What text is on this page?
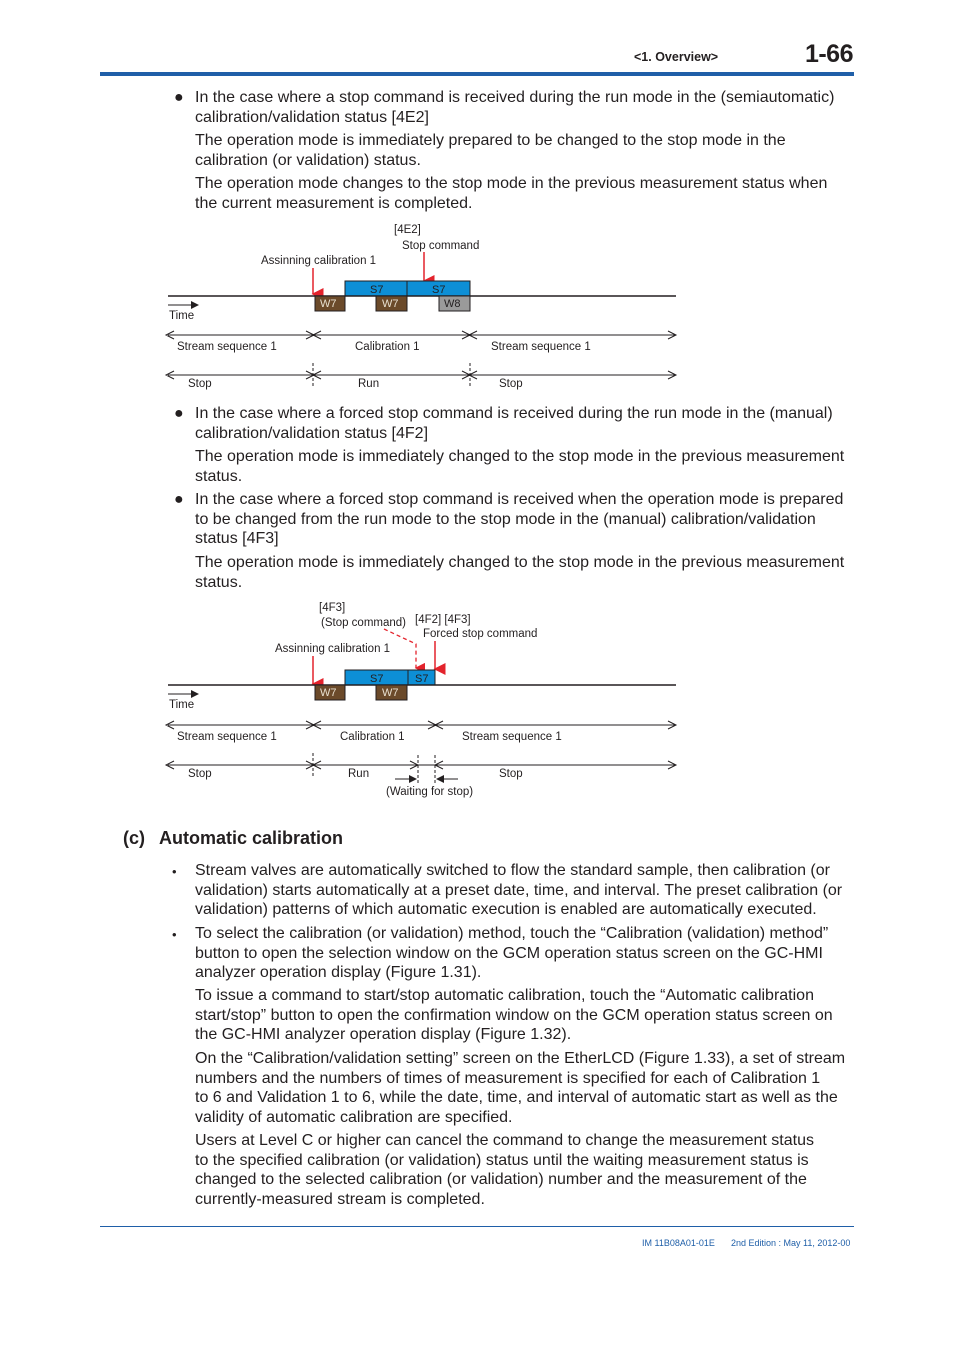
<1. Overview>	1-66
● In the case where a stop command is received during the run mode in the (semiautomatic)
calibration/validation status [4E2]

The operation mode is immediately prepared to be changed to the stop mode in the
calibration (or validation) status.

The operation mode changes to the stop mode in the previous measurement status when
the current measurement is completed.

[4E2]
Stop command
Assinning calibration 1
S7	S7
W7	W7	W8
Time
Stream sequence 1	Calibration 1	Stream sequence 1
Stop	Run	Stop
● In the case where a forced stop command is received during the run mode in the (manual)
calibration/validation status [4F2]

The operation mode is immediately changed to the stop mode in the previous measurement
status.

● In the case where a forced stop command is received when the operation mode is prepared
to be changed from the run mode to the stop mode in the (manual) calibration/validation
status [4F3]

The operation mode is immediately changed to the stop mode in the previous measurement
status.

[4F3]
(Stop command) [4F2] [4F3]
Forced stop command
Assinning calibration 1
S7	S7
W7	W7
Time
Stream sequence 1	Calibration 1	Stream sequence 1
Stop	Run	Stop
(Waiting for stop)
(c) Automatic calibration
• Stream valves are automatically switched to flow the standard sample, then calibration (or
validation) starts automatically at a preset date, time, and interval. The preset calibration (or
validation) patterns of which automatic execution is enabled are automatically executed.

• To select the calibration (or validation) method, touch the “Calibration (validation) method”
button to open the selection window on the GCM operation status screen on the GC-HMI
analyzer operation display (Figure 1.31).

To issue a command to start/stop automatic calibration, touch the “Automatic calibration
start/stop” button to open the confirmation window on the GCM operation status screen on
the GC-HMI analyzer operation display (Figure 1.32).

On the “Calibration/validation setting” screen on the EtherLCD (Figure 1.33), a set of stream
numbers and the numbers of times of measurement is specified for each of Calibration 1
to 6 and Validation 1 to 6, while the date, time, and interval of automatic start as well as the
validity of automatic calibration are specified.

Users at Level C or higher can cancel the command to change the measurement status
to the specified calibration (or validation) status until the waiting measurement status is
changed to the selected calibration (or validation) number and the measurement of the
currently-measured stream is completed.

IM 11B08A01-01E 2nd Edition : May 11, 2012-00
